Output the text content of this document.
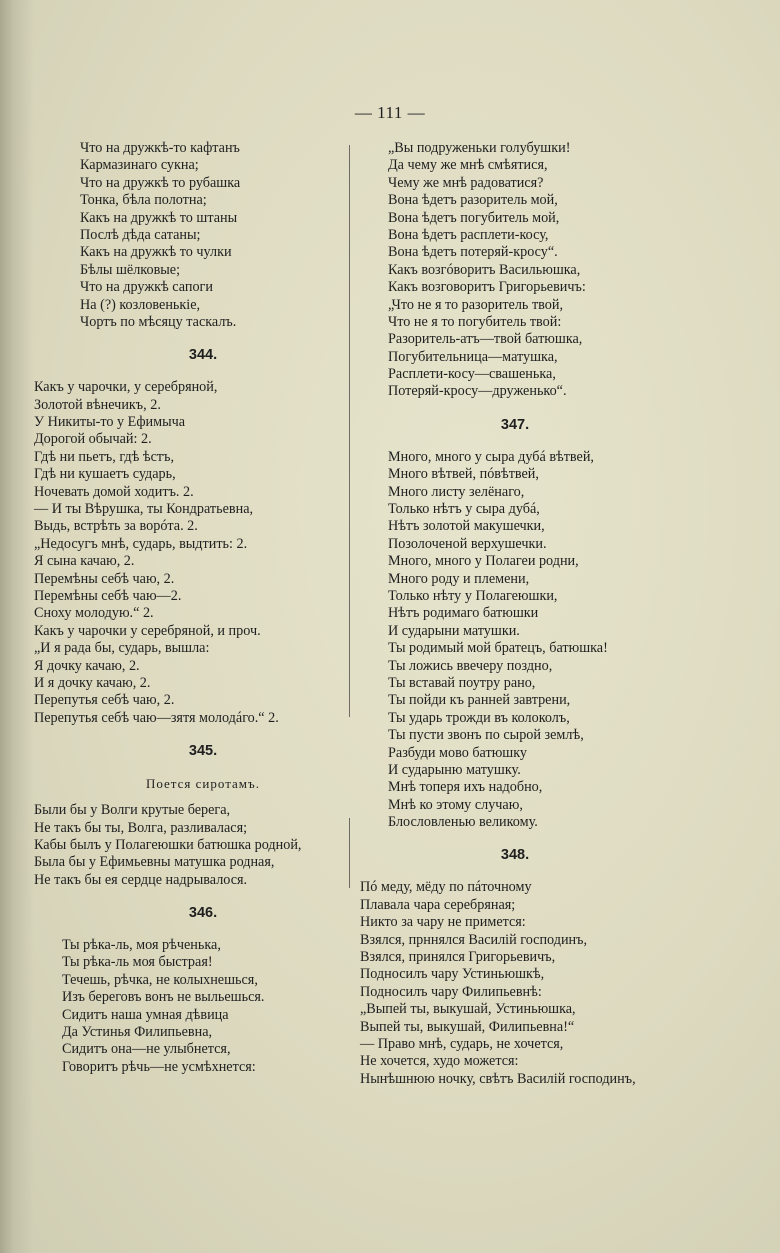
— 111 —
Что на дружкѣ-то кафтанъ
Кармазинаго сукна;
Что на дружкѣ то рубашка
Тонка, бѣла полотна;
Какъ на дружкѣ то штаны
Послѣ дѣда сатаны;
Какъ на дружкѣ то чулки
Бѣлы шёлковые;
Что на дружкѣ сапоги
На (?) козловенькіе,
Чортъ по мѣсяцу таскалъ.
344.
Какъ у чарочки, у серебряной,
Золотой вѣнечикъ, 2.
У Никиты-то у Ефимыча
Дорогой обычай: 2.
Гдѣ ни пьетъ, гдѣ ѣстъ,
Гдѣ ни кушаетъ сударь,
Ночевать домой ходитъ. 2.
— И ты Вѣрушка, ты Кондратьевна,
Выдь, встрѣть за ворóта. 2.
„Недосугъ мнѣ, сударь, выдтить: 2.
Я сына качаю, 2.
Перемѣны себѣ чаю, 2.
Перемѣны себѣ чаю—2.
Сноху молодую.“ 2.
Какъ у чарочки у серебряной, и проч.
„И я рада бы, сударь, вышла:
Я дочку качаю, 2.
И я дочку качаю, 2.
Перепутья себѣ чаю, 2.
Перепутья себѣ чаю—зятя молодáго.“ 2.
345.
Поется сиротамъ.
Были бы у Волги крутые берега,
Не такъ бы ты, Волга, разливалася;
Кабы былъ у Полагеюшки батюшка родной,
Была бы у Ефимьевны матушка родная,
Не такъ бы ея сердце надрывалося.
346.
Ты рѣка-ль, моя рѣченька,
Ты рѣка-ль моя быстрая!
Течешь, рѣчка, не колыхнешься,
Изъ береговъ вонъ не выльешься.
Сидитъ наша умная дѣвица
Да Устинья Филипьевна,
Сидитъ она—не улыбнется,
Говоритъ рѣчь—не усмѣхнется:
„Вы подруженьки голубушки!
Да чему же мнѣ смѣятися,
Чему же мнѣ радоватися?
Вона ѣдетъ разоритель мой,
Вона ѣдетъ погубитель мой,
Вона ѣдетъ расплети-косу,
Вона ѣдетъ потеряй-кросу“.
Какъ возгóворитъ Васильюшка,
Какъ возговоритъ Григорьевичъ:
„Что не я то разоритель твой,
Что не я то погубитель твой:
Разоритель-атъ—твой батюшка,
Погубительница—матушка,
Расплети-косу—свашенька,
Потеряй-кросу—друженько“.
347.
Много, много у сыра дубá вѣтвей,
Много вѣтвей, пóвѣтвей,
Много листу зелёнаго,
Только нѣтъ у сыра дубá,
Нѣтъ золотой макушечки,
Позолоченой верхушечки.
Много, много у Полагеи родни,
Много роду и племени,
Только нѣту у Полагеюшки,
Нѣтъ родимаго батюшки
И сударыни матушки.
Ты родимый мой братецъ, батюшка!
Ты ложись ввечеру поздно,
Ты вставай поутру рано,
Ты пойди къ ранней завтрени,
Ты ударь трожди въ колоколъ,
Ты пусти звонъ по сырой землѣ,
Разбуди мово батюшку
И сударыню матушку.
Мнѣ топеря ихъ надобно,
Мнѣ ко этому случаю,
Блословленью великому.
348.
Пó меду, мёду по пáточному
Плавала чара серебряная;
Никто за чару не примется:
Взялся, прннялся Василій господинъ,
Взялся, принялся Григорьевичъ,
Подносилъ чару Устиньюшкѣ,
Подносилъ чару Филипьевнѣ:
„Выпей ты, выкушай, Устиньюшка,
Выпей ты, выкушай, Филипьевна!“
— Право мнѣ, сударь, не хочется,
Не хочется, худо можется:
Нынѣшнюю ночку, свѣтъ Василій господинъ,
